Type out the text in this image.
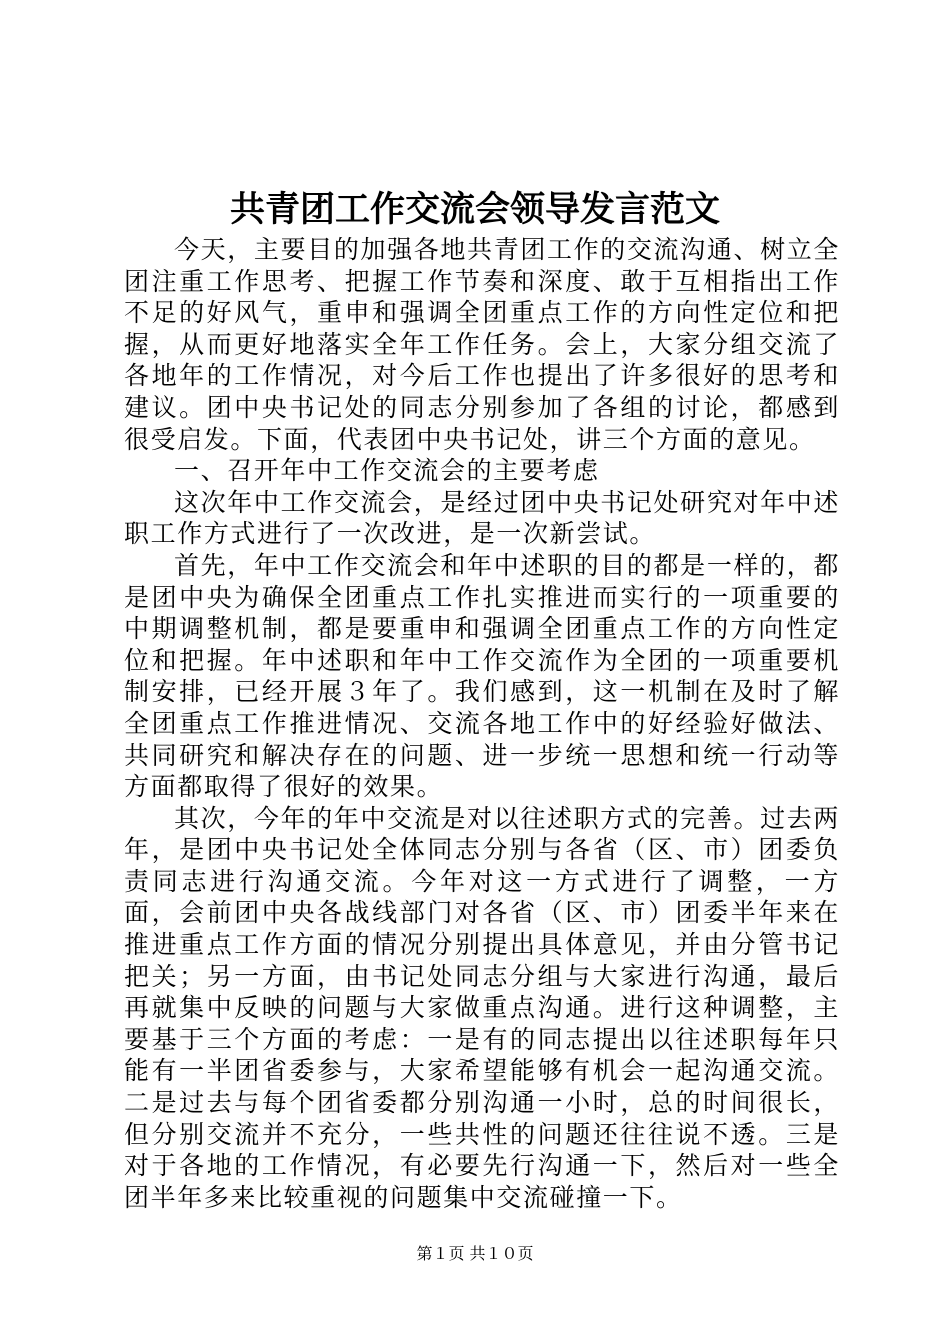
共青团工作交流会领导发言范文

今天，主要目的加强各地共青团工作的交流沟通、树立全团注重工作思考、把握工作节奏和深度、敢于互相指出工作不足的好风气，重申和强调全团重点工作的方向性定位和把握，从而更好地落实全年工作任务。会上，大家分组交流了各地年的工作情况，对今后工作也提出了许多很好的思考和建议。团中央书记处的同志分别参加了各组的讨论，都感到很受启发。下面，代表团中央书记处，讲三个方面的意见。

一、召开年中工作交流会的主要考虑

这次年中工作交流会，是经过团中央书记处研究对年中述职工作方式进行了一次改进，是一次新尝试。

首先，年中工作交流会和年中述职的目的都是一样的，都是团中央为确保全团重点工作扎实推进而实行的一项重要的中期调整机制，都是要重申和强调全团重点工作的方向性定位和把握。年中述职和年中工作交流作为全团的一项重要机制安排，已经开展３年了。我们感到，这一机制在及时了解全团重点工作推进情况、交流各地工作中的好经验好做法、共同研究和解决存在的问题、进一步统一思想和统一行动等方面都取得了很好的效果。

其次，今年的年中交流是对以往述职方式的完善。过去两年，是团中央书记处全体同志分别与各省（区、市）团委负责同志进行沟通交流。今年对这一方式进行了调整，一方面，会前团中央各战线部门对各省（区、市）团委半年来在推进重点工作方面的情况分别提出具体意见，并由分管书记把关；另一方面，由书记处同志分组与大家进行沟通，最后再就集中反映的问题与大家做重点沟通。进行这种调整，主要基于三个方面的考虑：一是有的同志提出以往述职每年只能有一半团省委参与，大家希望能够有机会一起沟通交流。二是过去与每个团省委都分别沟通一小时，总的时间很长，但分别交流并不充分，一些共性的问题还往往说不透。三是对于各地的工作情况，有必要先行沟通一下，然后对一些全团半年多来比较重视的问题集中交流碰撞一下。

第１页 共１０页
